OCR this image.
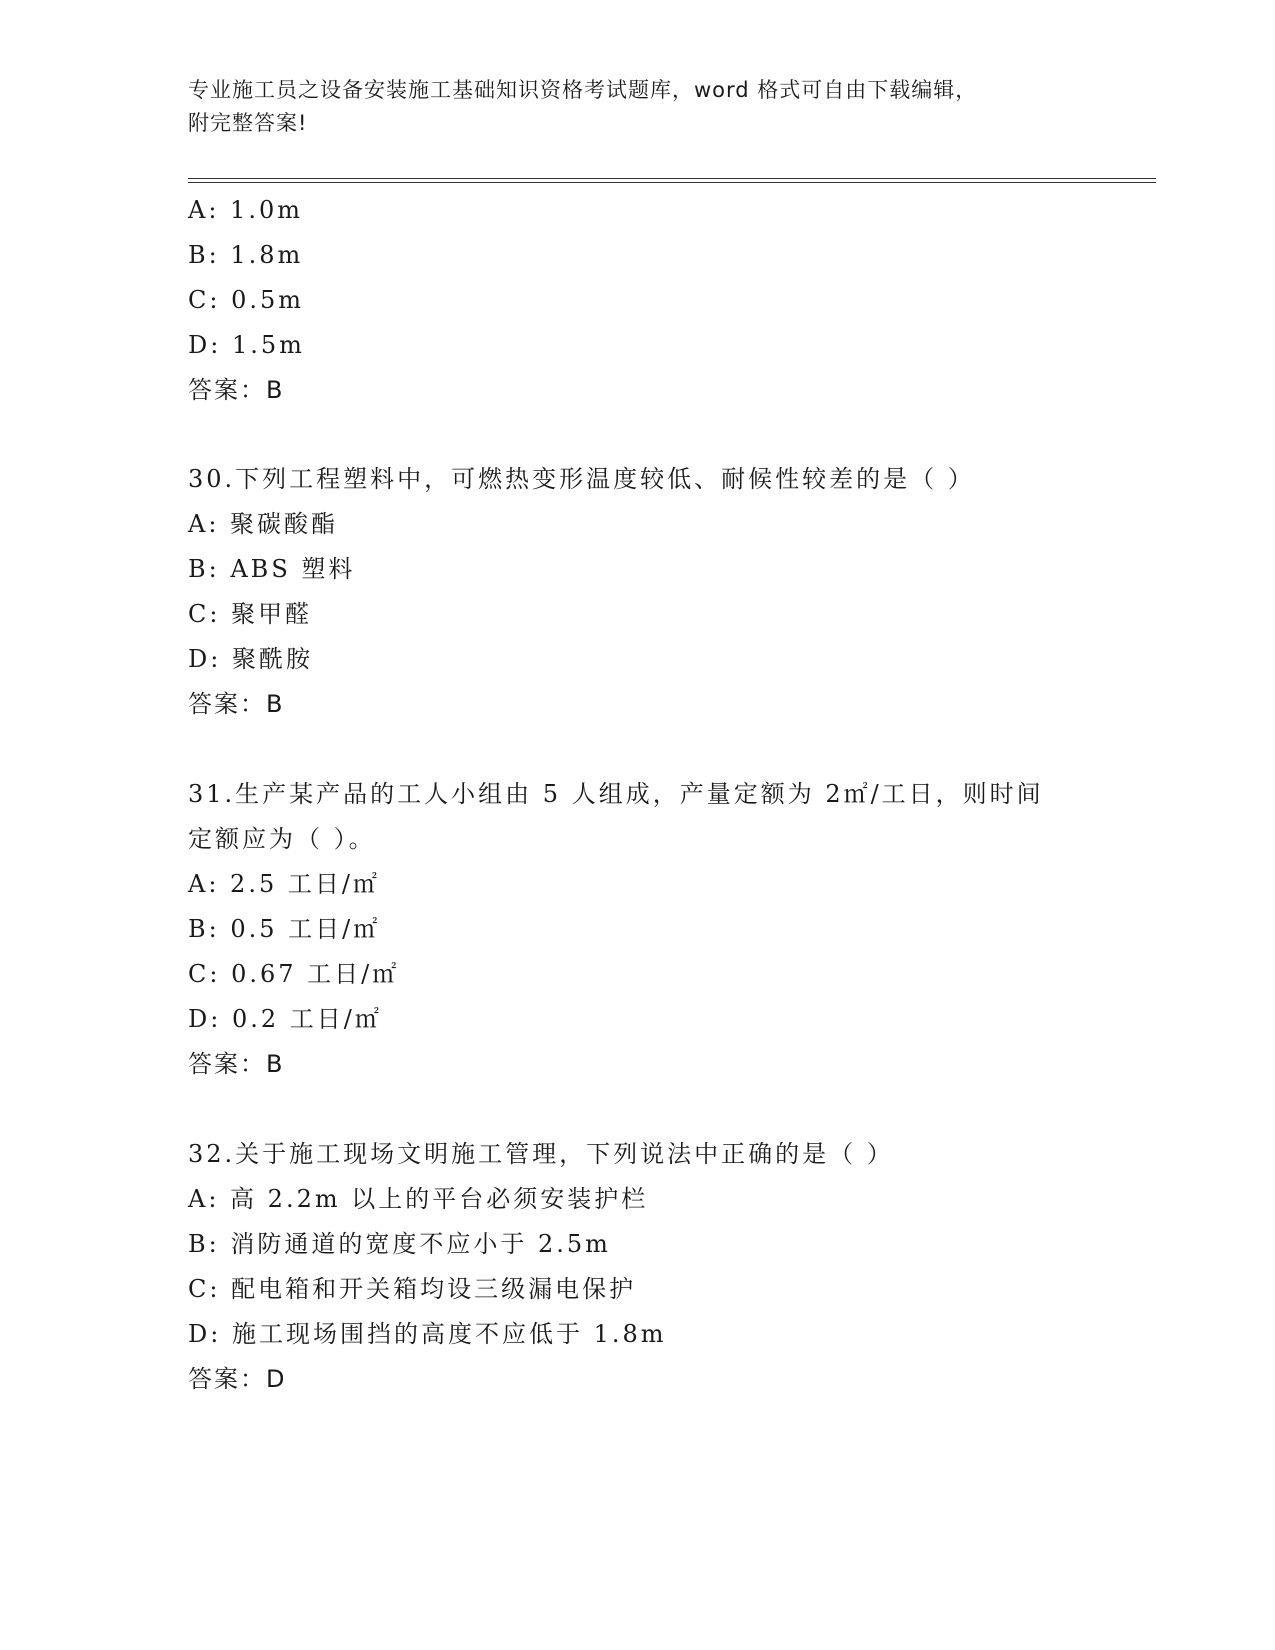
专业施工员之设备安装施工基础知识资格考试题库，word 格式可自由下载编辑，
附完整答案!
A: 1.0m
B: 1.8m
C: 0.5m
D: 1.5m
答案：B
30.下列工程塑料中，可燃热变形温度较低、耐候性较差的是（ ）
A: 聚碳酸酯
B: ABS 塑料
C: 聚甲醛
D: 聚酰胺
答案：B
31.生产某产品的工人小组由 5 人组成，产量定额为 2㎡/工日，则时间
定额应为（ ）。
A: 2.5 工日/㎡
B: 0.5 工日/㎡
C: 0.67 工日/㎡
D: 0.2 工日/㎡
答案：B
32.关于施工现场文明施工管理，下列说法中正确的是（ ）
A: 高 2.2m 以上的平台必须安装护栏
B: 消防通道的宽度不应小于 2.5m
C: 配电箱和开关箱均设三级漏电保护
D: 施工现场围挡的高度不应低于 1.8m
答案：D
